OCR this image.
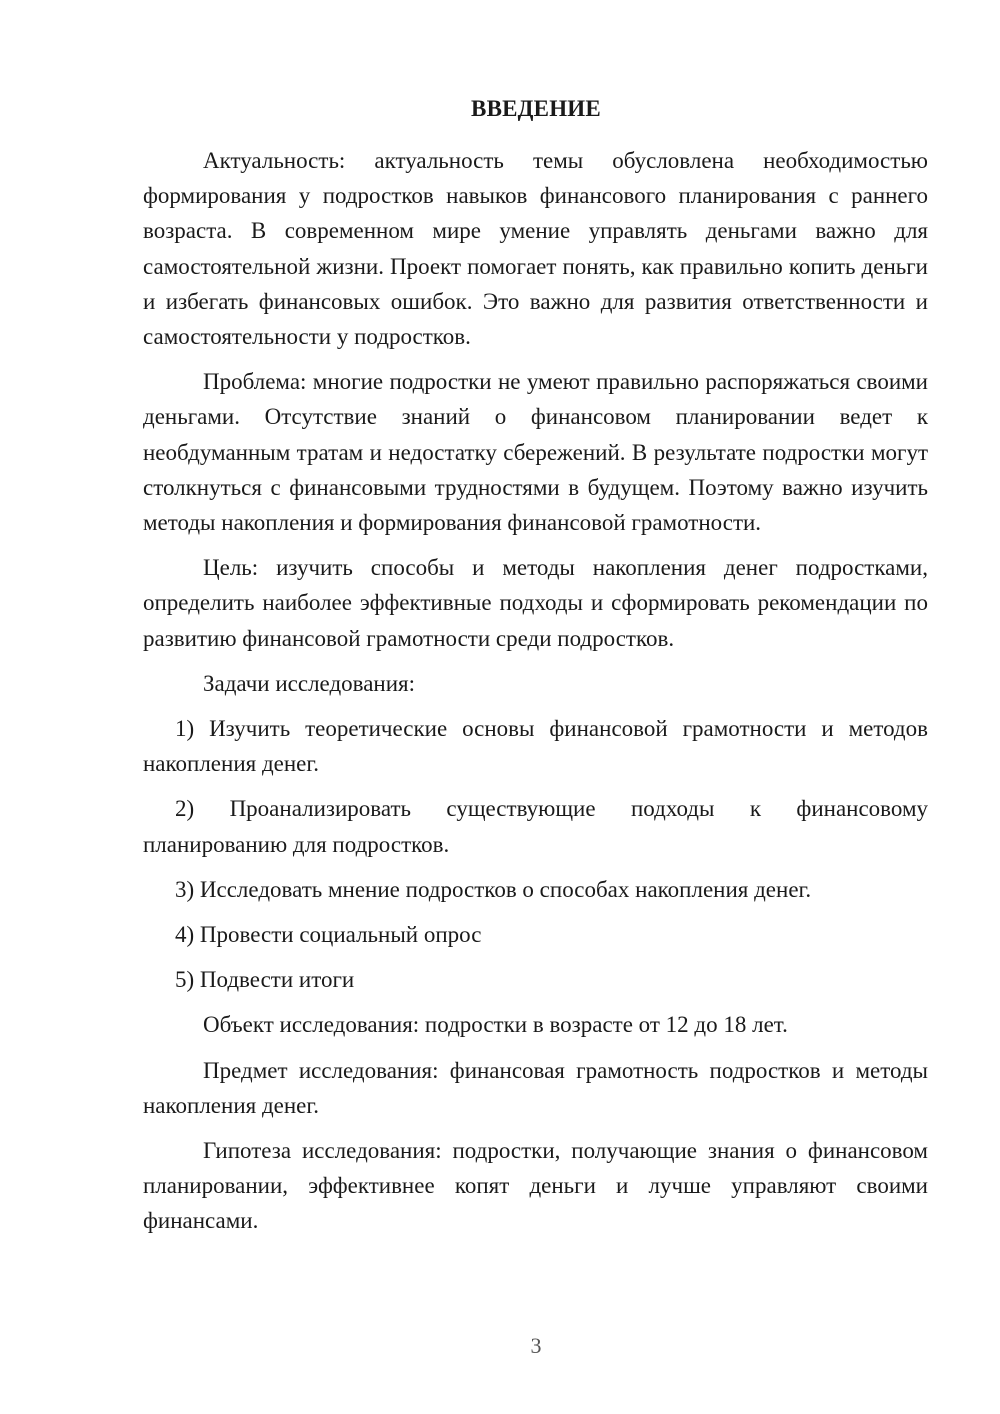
ВВЕДЕНИЕ

Актуальность: актуальность темы обусловлена необходимостью формирования у подростков навыков финансового планирования с раннего возраста. В современном мире умение управлять деньгами важно для самостоятельной жизни. Проект помогает понять, как правильно копить деньги и избегать финансовых ошибок. Это важно для развития ответственности и самостоятельности у подростков.

Проблема: многие подростки не умеют правильно распоряжаться своими деньгами. Отсутствие знаний о финансовом планировании ведет к необдуманным тратам и недостатку сбережений. В результате подростки могут столкнуться с финансовыми трудностями в будущем. Поэтому важно изучить методы накопления и формирования финансовой грамотности.

Цель: изучить способы и методы накопления денег подростками, определить наиболее эффективные подходы и сформировать рекомендации по развитию финансовой грамотности среди подростков.

Задачи исследования:

1) Изучить теоретические основы финансовой грамотности и методов накопления денег.

2) Проанализировать существующие подходы к финансовому планированию для подростков.

3) Исследовать мнение подростков о способах накопления денег.

4) Провести социальный опрос

5) Подвести итоги

Объект исследования: подростки в возрасте от 12 до 18 лет.

Предмет исследования: финансовая грамотность подростков и методы накопления денег.

Гипотеза исследования: подростки, получающие знания о финансовом планировании, эффективнее копят деньги и лучше управляют своими финансами.

3
